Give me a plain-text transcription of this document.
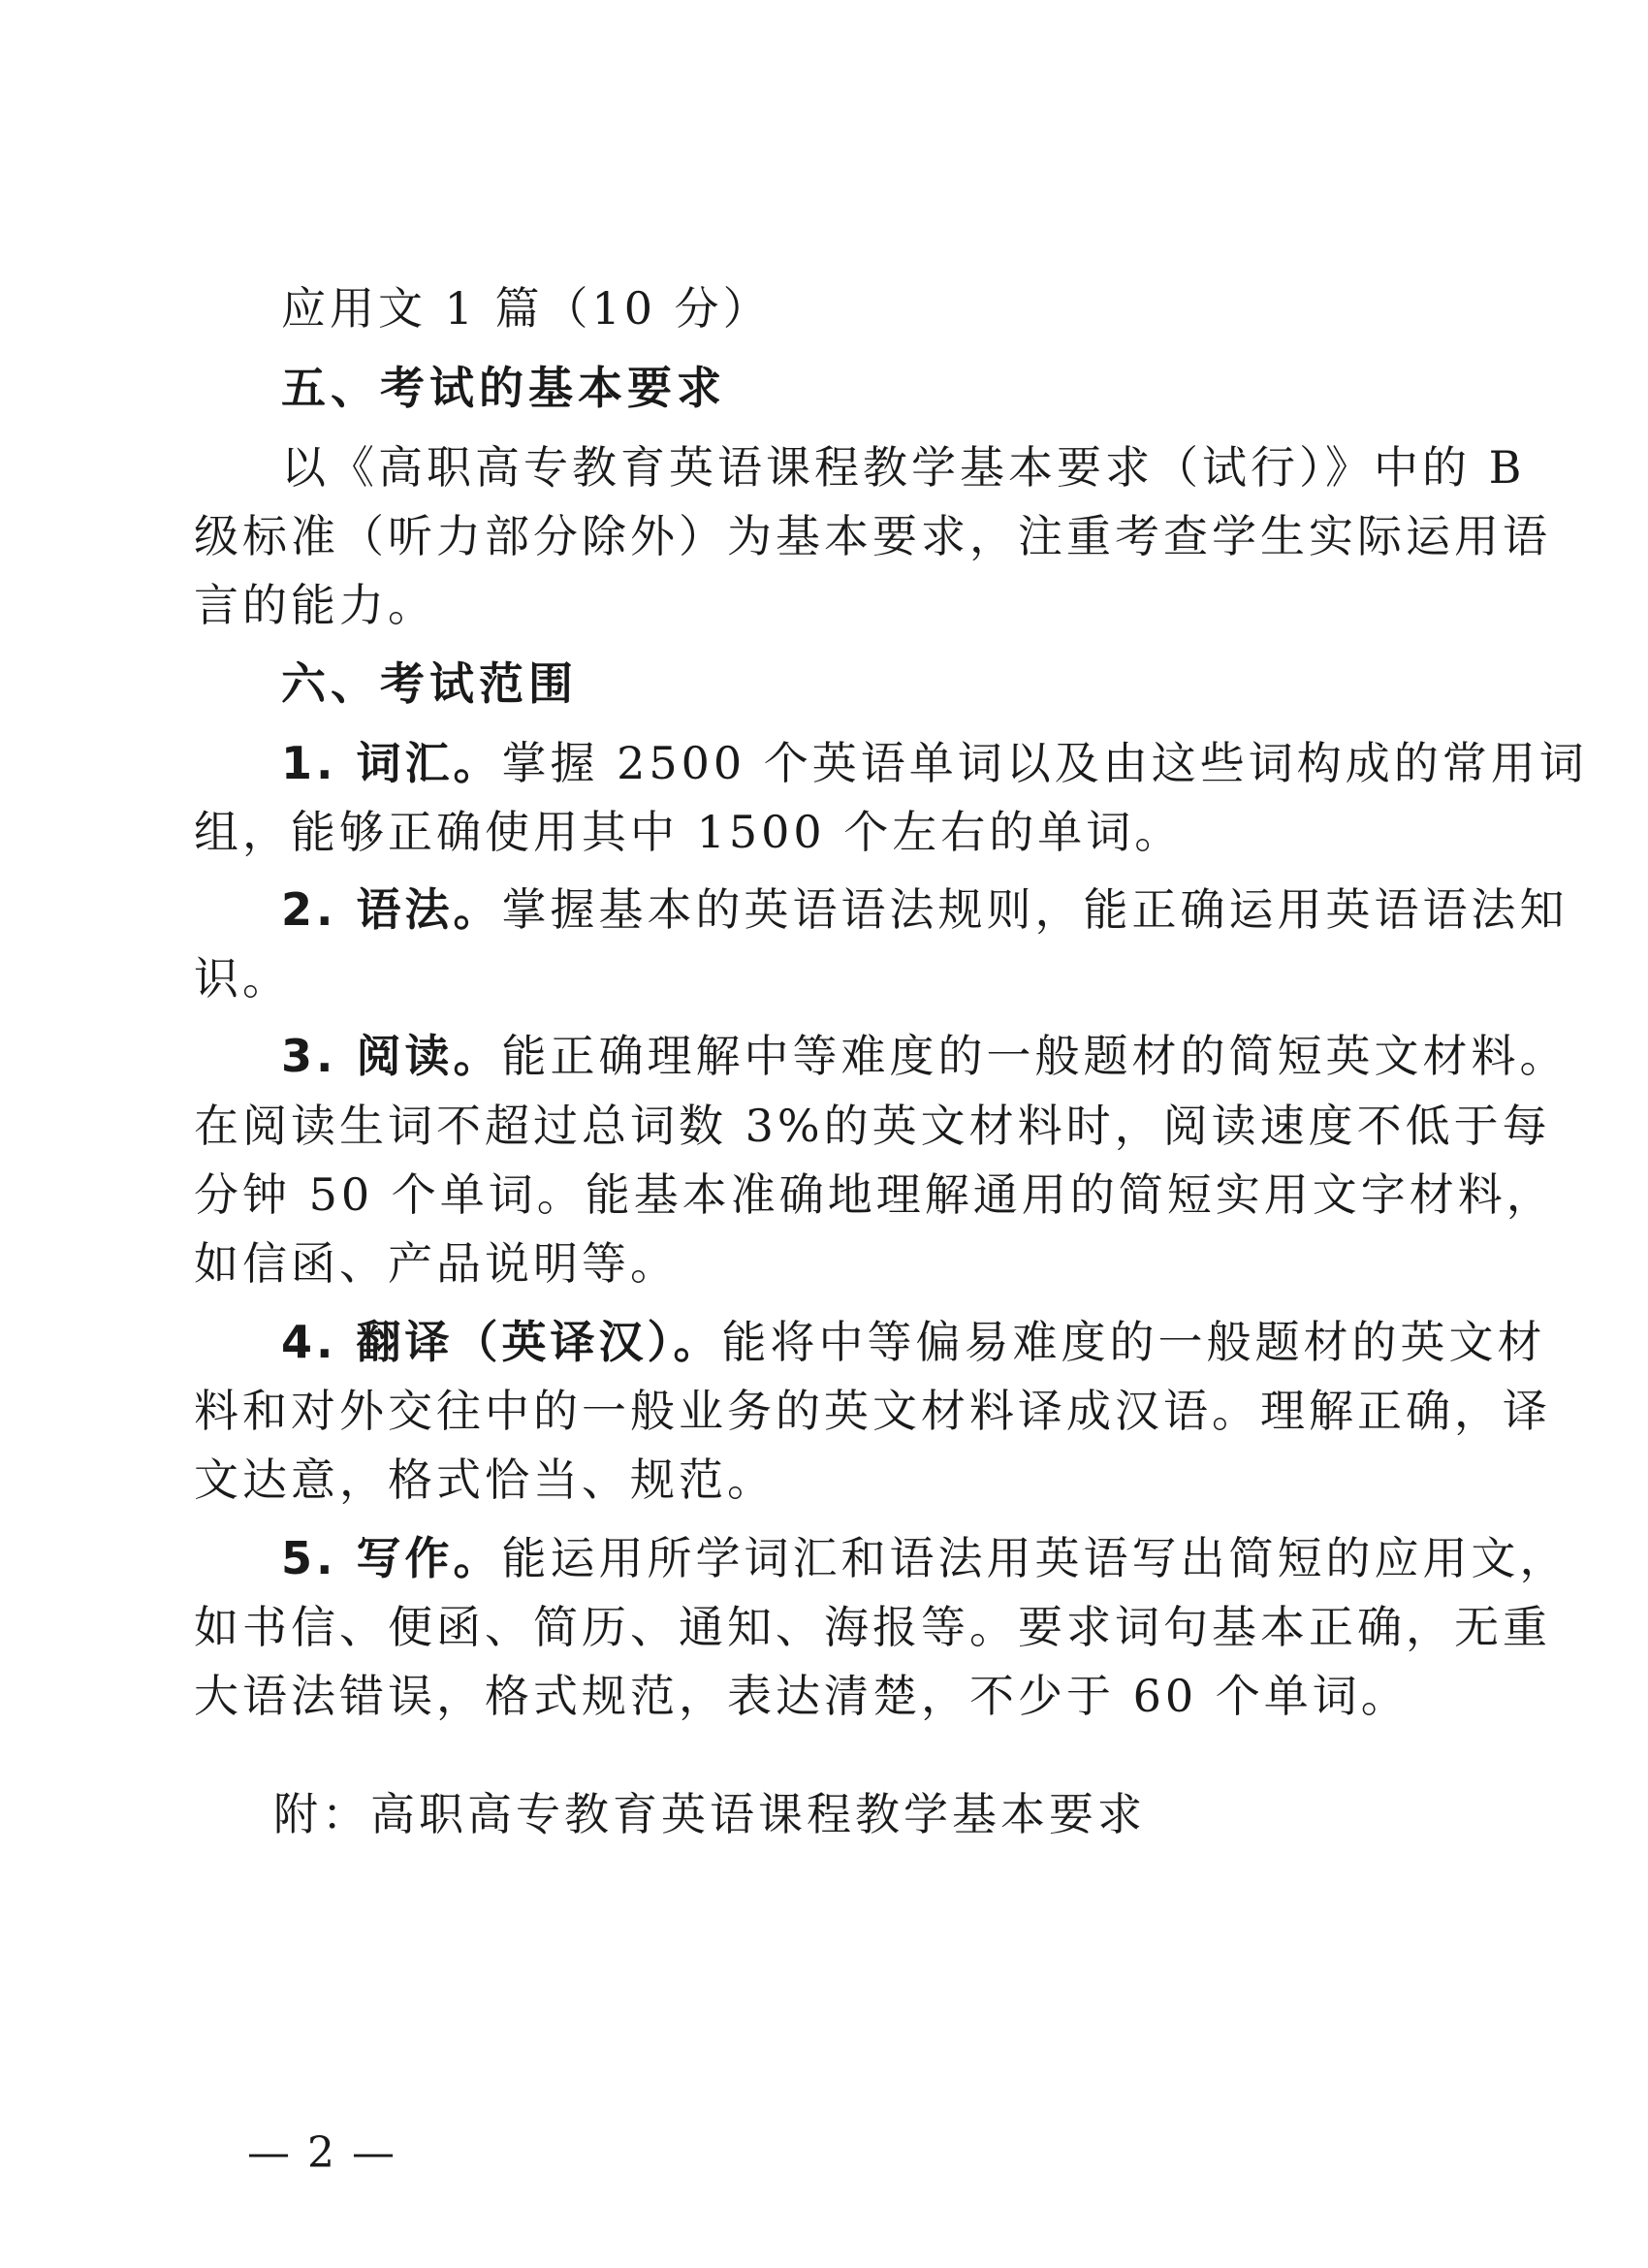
应用文 1 篇（10 分）
五、考试的基本要求
以《高职高专教育英语课程教学基本要求（试行）》中的 B
级标准（听力部分除外）为基本要求，注重考查学生实际运用语
言的能力。
六、考试范围
1. 词汇。掌握 2500 个英语单词以及由这些词构成的常用词
组，能够正确使用其中 1500 个左右的单词。
2. 语法。掌握基本的英语语法规则，能正确运用英语语法知
识。
3. 阅读。能正确理解中等难度的一般题材的简短英文材料。
在阅读生词不超过总词数 3%的英文材料时，阅读速度不低于每
分钟 50 个单词。能基本准确地理解通用的简短实用文字材料，
如信函、产品说明等。
4. 翻译（英译汉）。能将中等偏易难度的一般题材的英文材
料和对外交往中的一般业务的英文材料译成汉语。理解正确，译
文达意，格式恰当、规范。
5. 写作。能运用所学词汇和语法用英语写出简短的应用文，
如书信、便函、简历、通知、海报等。要求词句基本正确，无重
大语法错误，格式规范，表达清楚，不少于 60 个单词。
附：高职高专教育英语课程教学基本要求
— 2 —
